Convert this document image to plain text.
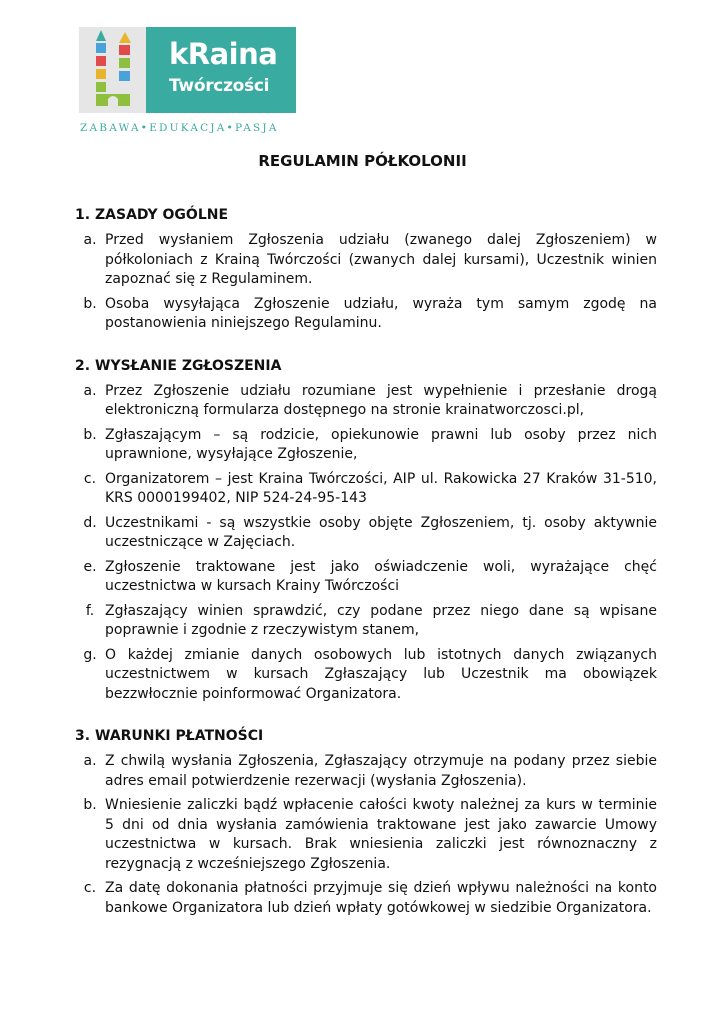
kRaina
Twórczości
ZABAWA•EDUKACJA•PASJA
REGULAMIN PÓŁKOLONII
1. ZASADY OGÓLNE
a. Przed wysłaniem Zgłoszenia udziału (zwanego dalej Zgłoszeniem) w półkoloniach z Krainą Twórczości (zwanych dalej kursami), Uczestnik winien zapoznać się z Regulaminem.
b. Osoba wysyłająca Zgłoszenie udziału, wyraża tym samym zgodę na postanowienia niniejszego Regulaminu.
2. WYSŁANIE ZGŁOSZENIA
a. Przez Zgłoszenie udziału rozumiane jest wypełnienie i przesłanie drogą elektroniczną formularza dostępnego na stronie krainatworczosci.pl,
b. Zgłaszającym – są rodzicie, opiekunowie prawni lub osoby przez nich uprawnione, wysyłające Zgłoszenie,
c. Organizatorem – jest Kraina Twórczości, AIP ul. Rakowicka 27 Kraków 31-510, KRS 0000199402, NIP 524-24-95-143
d. Uczestnikami - są wszystkie osoby objęte Zgłoszeniem, tj. osoby aktywnie uczestniczące w Zajęciach.
e. Zgłoszenie traktowane jest jako oświadczenie woli, wyrażające chęć uczestnictwa w kursach Krainy Twórczości
f. Zgłaszający winien sprawdzić, czy podane przez niego dane są wpisane poprawnie i zgodnie z rzeczywistym stanem,
g. O każdej zmianie danych osobowych lub istotnych danych związanych uczestnictwem w kursach Zgłaszający lub Uczestnik ma obowiązek bezzwłocznie poinformować Organizatora.
3. WARUNKI PŁATNOŚCI
a. Z chwilą wysłania Zgłoszenia, Zgłaszający otrzymuje na podany przez siebie adres email potwierdzenie rezerwacji (wysłania Zgłoszenia).
b. Wniesienie zaliczki bądź wpłacenie całości kwoty należnej za kurs w terminie 5 dni od dnia wysłania zamówienia traktowane jest jako zawarcie Umowy uczestnictwa w kursach. Brak wniesienia zaliczki jest równoznaczny z rezygnacją z wcześniejszego Zgłoszenia.
c. Za datę dokonania płatności przyjmuje się dzień wpływu należności na konto bankowe Organizatora lub dzień wpłaty gotówkowej w siedzibie Organizatora.
